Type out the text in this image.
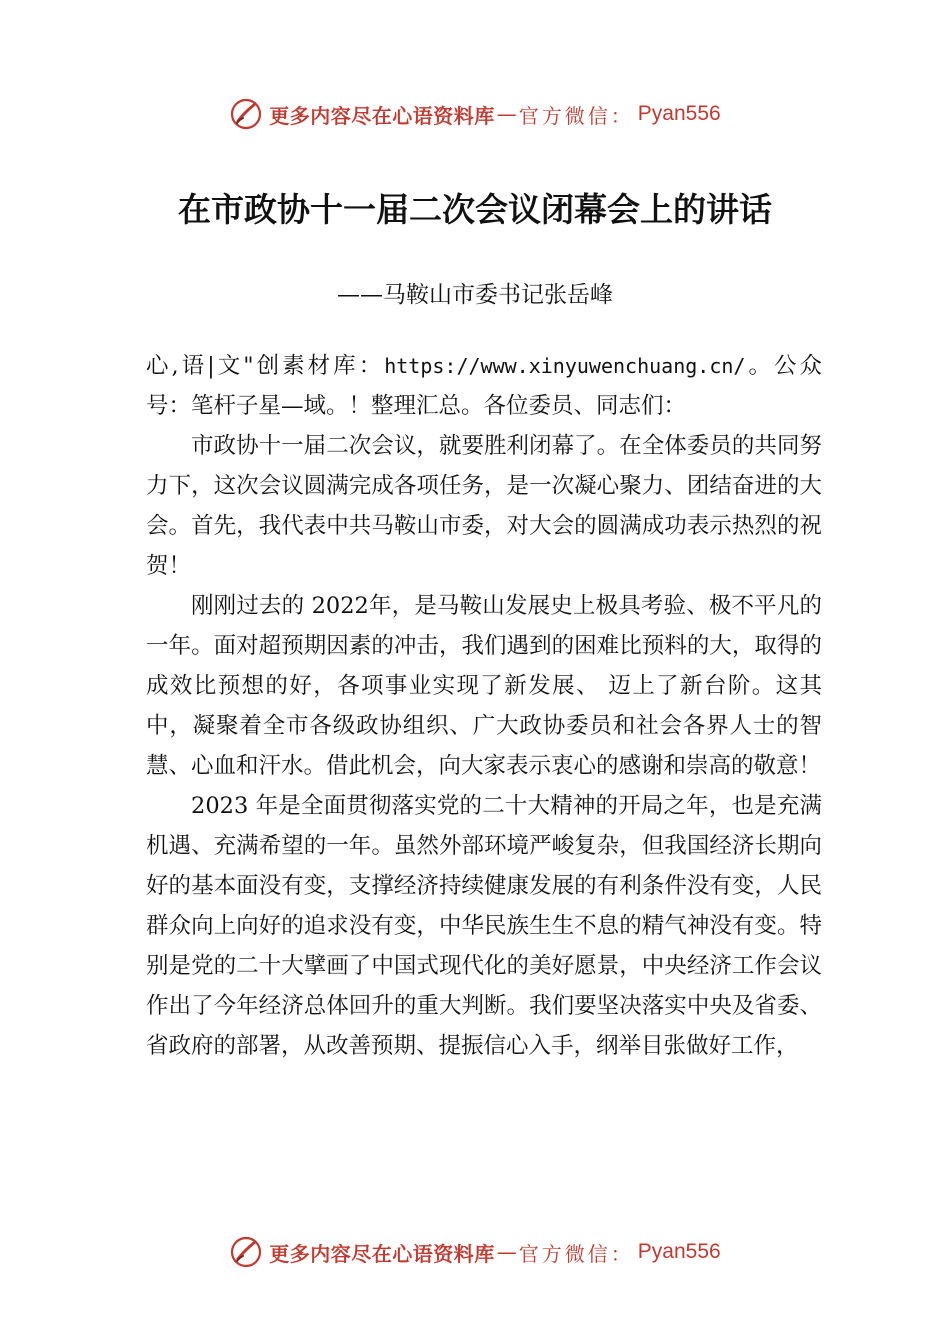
更多内容尽在心语资料库 — 官方微信： Pyan556
在市政协十一届二次会议闭幕会上的讲话
——马鞍山市委书记张岳峰

心,语|文"创素材库：https://www.xinyuwenchuang.cn/。公众号：笔杆子星—域。！整理汇总。各位委员、同志们：

市政协十一届二次会议，就要胜利闭幕了。在全体委员的共同努力下，这次会议圆满完成各项任务，是一次凝心聚力、团结奋进的大会。首先，我代表中共马鞍山市委，对大会的圆满成功表示热烈的祝贺！

刚刚过去的 2022年，是马鞍山发展史上极具考验、极不平凡的一年。面对超预期因素的冲击，我们遇到的困难比预料的大，取得的成效比预想的好，各项事业实现了新发展、 迈上了新台阶。这其中，凝聚着全市各级政协组织、广大政协委员和社会各界人士的智慧、心血和汗水。借此机会，向大家表示衷心的感谢和崇高的敬意！

2023 年是全面贯彻落实党的二十大精神的开局之年，也是充满机遇、充满希望的一年。虽然外部环境严峻复杂，但我国经济长期向好的基本面没有变，支撑经济持续健康发展的有利条件没有变，人民群众向上向好的追求没有变，中华民族生生不息的精气神没有变。特别是党的二十大擘画了中国式现代化的美好愿景，中央经济工作会议作出了今年经济总体回升的重大判断。我们要坚决落实中央及省委、省政府的部署，从改善预期、提振信心入手，纲举目张做好工作，

更多内容尽在心语资料库 — 官方微信： Pyan556
